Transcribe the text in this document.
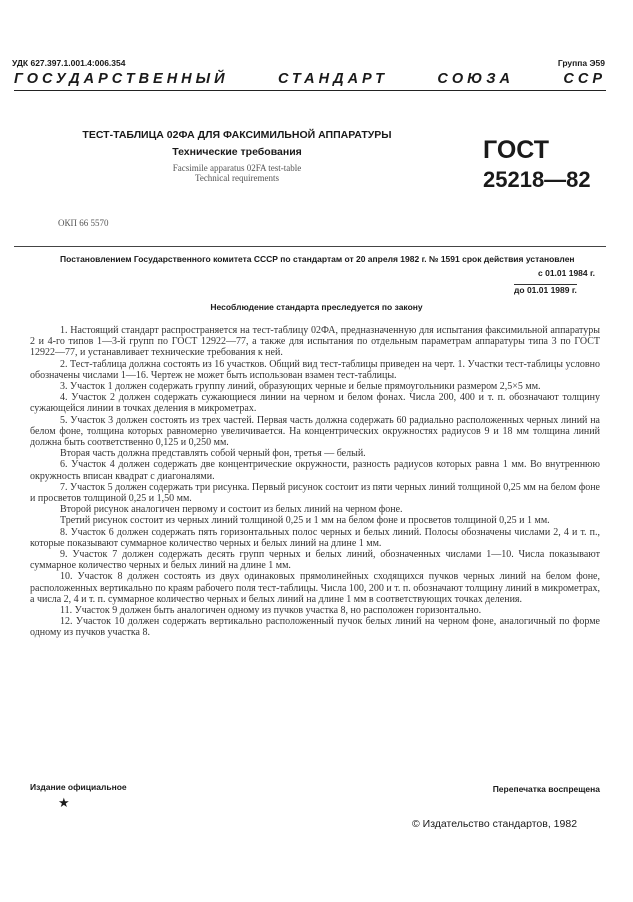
УДК 627.397.1.001.4:006.354	Группа Э59
ГОСУДАРСТВЕННЫЙ	СТАНДАРТ	СОЮЗА	ССР
ТЕСТ-ТАБЛИЦА 02ФА ДЛЯ ФАКСИМИЛЬНОЙ АППАРАТУРЫ
Технические требования
Facsimile apparatus 02FA test-table
Technical requirements
ГОСТ
25218—82
ОКП 66 5570
Постановлением Государственного комитета СССР по стандартам от 20 апреля 1982 г. № 1591 срок действия установлен
с 01.01 1984 г.
до 01.01 1989 г.
Несоблюдение стандарта преследуется по закону

1. Настоящий стандарт распространяется на тест-таблицу 02ФА, предназначенную для испытания факсимильной аппаратуры 2 и 4-го типов 1—3-й групп по ГОСТ 12922—77, а также для испытания по отдельным параметрам аппаратуры типа 3 по ГОСТ 12922—77, и устанавливает технические требования к ней.

2. Тест-таблица должна состоять из 16 участков. Общий вид тест-таблицы приведен на черт. 1. Участки тест-таблицы условно обозначены числами 1—16. Чертеж не может быть использован взамен тест-таблицы.

3. Участок 1 должен содержать группу линий, образующих черные и белые прямоугольники размером 2,5×5 мм.

4. Участок 2 должен содержать сужающиеся линии на черном и белом фонах. Числа 200, 400 и т. п. обозначают толщину сужающейся линии в точках деления в микрометрах.

5. Участок 3 должен состоять из трех частей. Первая часть должна содержать 60 радиально расположенных черных линий на белом фоне, толщина которых равномерно увеличивается. На концентрических окружностях радиусов 9 и 18 мм толщина линий должна быть соответственно 0,125 и 0,250 мм.

Вторая часть должна представлять собой черный фон, третья — белый.

6. Участок 4 должен содержать две концентрические окружности, разность радиусов которых равна 1 мм. Во внутреннюю окружность вписан квадрат с диагоналями.

7. Участок 5 должен содержать три рисунка. Первый рисунок состоит из пяти черных линий толщиной 0,25 мм на белом фоне и просветов толщиной 0,25 и 1,50 мм.

Второй рисунок аналогичен первому и состоит из белых линий на черном фоне.

Третий рисунок состоит из черных линий толщиной 0,25 и 1 мм на белом фоне и просветов толщиной 0,25 и 1 мм.

8. Участок 6 должен содержать пять горизонтальных полос черных и белых линий. Полосы обозначены числами 2, 4 и т. п., которые показывают суммарное количество черных и белых линий на длине 1 мм.

9. Участок 7 должен содержать десять групп черных и белых линий, обозначенных числами 1—10. Числа показывают суммарное количество черных и белых линий на длине 1 мм.

10. Участок 8 должен состоять из двух одинаковых прямолинейных сходящихся пучков черных линий на белом фоне, расположенных вертикально по краям рабочего поля тест-таблицы. Числа 100, 200 и т. п. обозначают толщину линий в микрометрах, а числа 2, 4 и т. п. суммарное количество черных и белых линий на длине 1 мм в соответствующих точках деления.

11. Участок 9 должен быть аналогичен одному из пучков участка 8, но расположен горизонтально.

12. Участок 10 должен содержать вертикально расположенный пучок белых линий на черном фоне, аналогичный по форме одному из пучков участка 8.

Издание официальное	Перепечатка воспрещена
★
© Издательство стандартов, 1982
